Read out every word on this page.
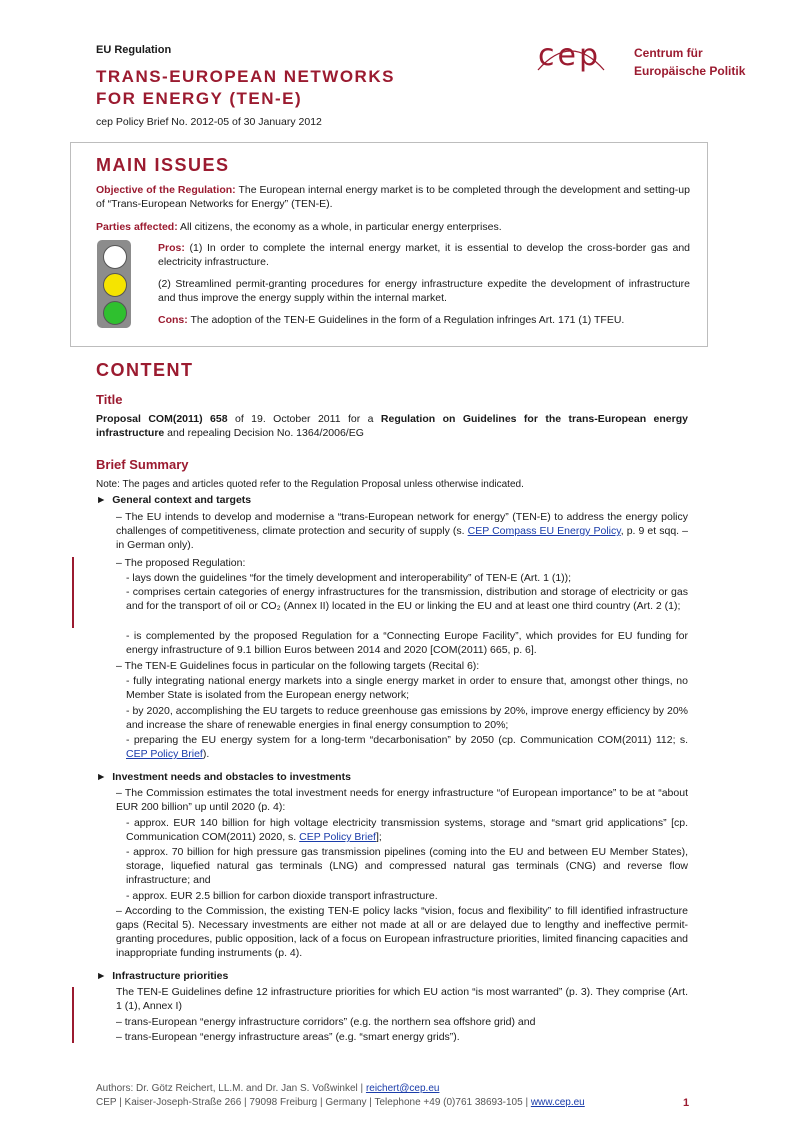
EU Regulation
TRANS-EUROPEAN NETWORKS
FOR ENERGY (TEN-E)
cep Policy Brief No. 2012-05 of 30 January 2012
cep	Centrum für
Europäische Politik
MAIN ISSUES
Objective of the Regulation: The European internal energy market is to be completed through the development and setting-up of “Trans-European Networks for Energy” (TEN-E).
Parties affected: All citizens, the economy as a whole, in particular energy enterprises.
Pros: (1) In order to complete the internal energy market, it is essential to develop the cross-border gas and electricity infrastructure.
(2) Streamlined permit-granting procedures for energy infrastructure expedite the development of infrastructure and thus improve the energy supply within the internal market.
Cons: The adoption of the TEN-E Guidelines in the form of a Regulation infringes Art. 171 (1) TFEU.
CONTENT
Title
Proposal COM(2011) 658 of 19. October 2011 for a Regulation on Guidelines for the trans-European energy infrastructure and repealing Decision No. 1364/2006/EG
Brief Summary
Note: The pages and articles quoted refer to the Regulation Proposal unless otherwise indicated.
► General context and targets
– The EU intends to develop and modernise a “trans-European network for energy” (TEN-E) to address the energy policy challenges of competitiveness, climate protection and security of supply (s. CEP Compass EU Energy Policy, p. 9 et sqq. – in German only).
– The proposed Regulation:
- lays down the guidelines “for the timely development and interoperability” of TEN-E (Art. 1 (1));
- comprises certain categories of energy infrastructures for the transmission, distribution and storage of electricity or gas and for the transport of oil or CO₂ (Annex II) located in the EU or linking the EU and at least one third country (Art. 2 (1);
- is complemented by the proposed Regulation for a “Connecting Europe Facility”, which provides for EU funding for energy infrastructure of 9.1 billion Euros between 2014 and 2020 [COM(2011) 665, p. 6].
– The TEN-E Guidelines focus in particular on the following targets (Recital 6):
- fully integrating national energy markets into a single energy market in order to ensure that, amongst other things, no Member State is isolated from the European energy network;
- by 2020, accomplishing the EU targets to reduce greenhouse gas emissions by 20%, improve energy efficiency by 20% and increase the share of renewable energies in final energy consumption to 20%;
- preparing the EU energy system for a long-term “decarbonisation” by 2050 (cp. Communication COM(2011) 112; s. CEP Policy Brief).
► Investment needs and obstacles to investments
– The Commission estimates the total investment needs for energy infrastructure “of European importance” to be at “about EUR 200 billion” up until 2020 (p. 4):
- approx. EUR 140 billion for high voltage electricity transmission systems, storage and “smart grid applications” [cp. Communication COM(2011) 2020, s. CEP Policy Brief];
- approx. 70 billion for high pressure gas transmission pipelines (coming into the EU and between EU Member States), storage, liquefied natural gas terminals (LNG) and compressed natural gas terminals (CNG) and reverse flow infrastructure; and
- approx. EUR 2.5 billion for carbon dioxide transport infrastructure.
– According to the Commission, the existing TEN-E policy lacks “vision, focus and flexibility” to fill identified infrastructure gaps (Recital 5). Necessary investments are either not made at all or are delayed due to lengthy and ineffective permit-granting procedures, public opposition, lack of a focus on European infrastructure priorities, limited financing capacities and inappropriate funding instruments (p. 4).
► Infrastructure priorities
The TEN-E Guidelines define 12 infrastructure priorities for which EU action “is most warranted” (p. 3). They comprise (Art. 1 (1), Annex I)
– trans-European “energy infrastructure corridors” (e.g. the northern sea offshore grid) and
– trans-European “energy infrastructure areas” (e.g. “smart energy grids”).
Authors: Dr. Götz Reichert, LL.M. and Dr. Jan S. Voßwinkel | reichert@cep.eu
CEP | Kaiser-Joseph-Straße 266 | 79098 Freiburg | Germany | Telephone +49 (0)761 38693-105 | www.cep.eu	1
